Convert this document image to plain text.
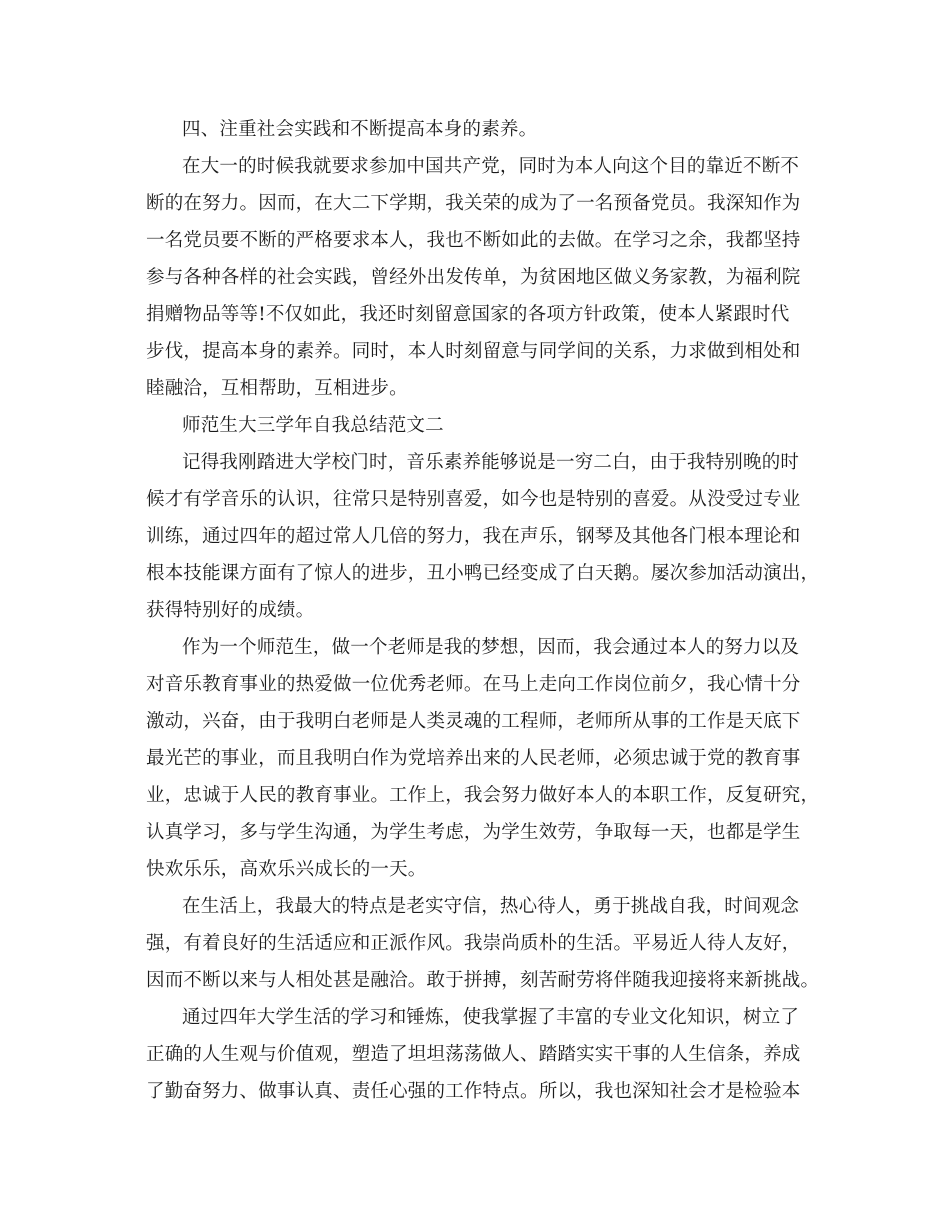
四、注重社会实践和不断提高本身的素养。
在大一的时候我就要求参加中国共产党，同时为本人向这个目的靠近不断不
断的在努力。因而，在大二下学期，我关荣的成为了一名预备党员。我深知作为
一名党员要不断的严格要求本人，我也不断如此的去做。在学习之余，我都坚持
参与各种各样的社会实践，曾经外出发传单，为贫困地区做义务家教，为福利院
捐赠物品等等!不仅如此，我还时刻留意国家的各项方针政策，使本人紧跟时代
步伐，提高本身的素养。同时，本人时刻留意与同学间的关系，力求做到相处和
睦融洽，互相帮助，互相进步。
师范生大三学年自我总结范文二
记得我刚踏进大学校门时，音乐素养能够说是一穷二白，由于我特别晚的时
候才有学音乐的认识，往常只是特别喜爱，如今也是特别的喜爱。从没受过专业
训练，通过四年的超过常人几倍的努力，我在声乐，钢琴及其他各门根本理论和
根本技能课方面有了惊人的进步，丑小鸭已经变成了白天鹅。屡次参加活动演出，
获得特别好的成绩。
作为一个师范生，做一个老师是我的梦想，因而，我会通过本人的努力以及
对音乐教育事业的热爱做一位优秀老师。在马上走向工作岗位前夕，我心情十分
激动，兴奋，由于我明白老师是人类灵魂的工程师，老师所从事的工作是天底下
最光芒的事业，而且我明白作为党培养出来的人民老师，必须忠诚于党的教育事
业，忠诚于人民的教育事业。工作上，我会努力做好本人的本职工作，反复研究，
认真学习，多与学生沟通，为学生考虑，为学生效劳，争取每一天，也都是学生
快欢乐乐，高欢乐兴成长的一天。
在生活上，我最大的特点是老实守信，热心待人，勇于挑战自我，时间观念
强，有着良好的生活适应和正派作风。我崇尚质朴的生活。平易近人待人友好，
因而不断以来与人相处甚是融洽。敢于拼搏，刻苦耐劳将伴随我迎接将来新挑战。
通过四年大学生活的学习和锤炼，使我掌握了丰富的专业文化知识，树立了
正确的人生观与价值观，塑造了坦坦荡荡做人、踏踏实实干事的人生信条，养成
了勤奋努力、做事认真、责任心强的工作特点。所以，我也深知社会才是检验本
